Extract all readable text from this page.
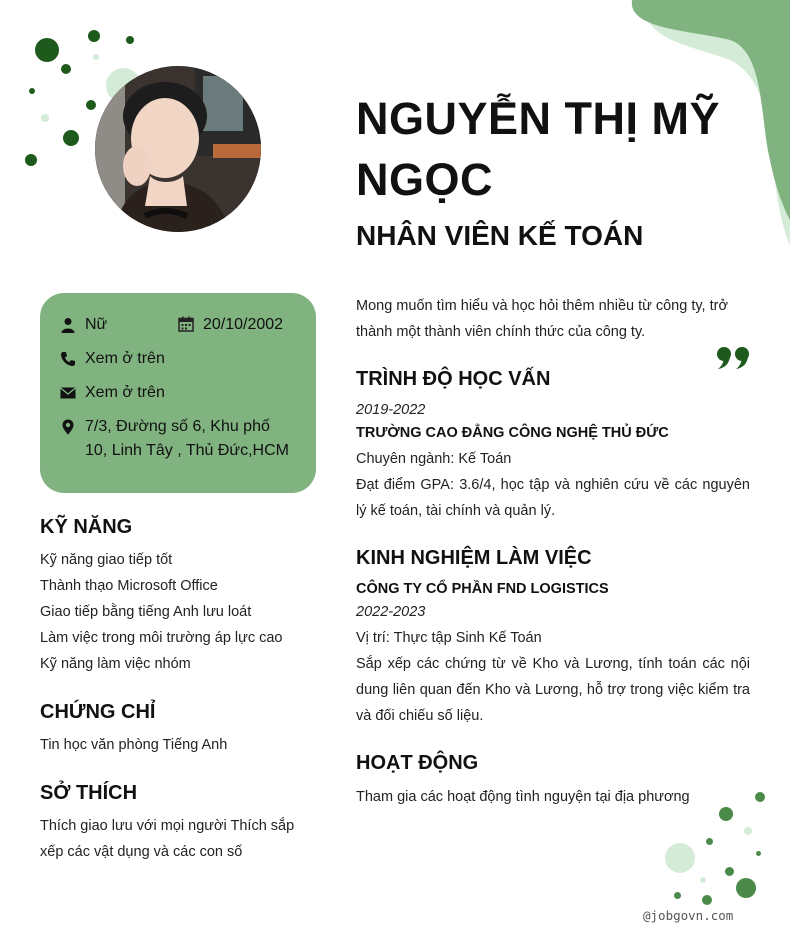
NGUYỄN THỊ MỸ NGỌC
NHÂN VIÊN KẾ TOÁN
Nữ	20/10/2002
Xem ở trên
Xem ở trên
7/3, Đường số 6, Khu phố
10, Linh Tây , Thủ Đức,HCM
KỸ NĂNG
Kỹ năng giao tiếp tốt
Thành thạo Microsoft Office
Giao tiếp bằng tiếng Anh lưu loát
Làm việc trong môi trường áp lực cao
Kỹ năng làm việc nhóm
CHỨNG CHỈ
Tin học văn phòng Tiếng Anh
SỞ THÍCH
Thích giao lưu với mọi người Thích sắp
xếp các vật dụng và các con số
Mong muốn tìm hiểu và học hỏi thêm nhiều từ công ty, trở thành một thành viên chính thức của công ty.
TRÌNH ĐỘ HỌC VẤN
2019-2022
TRƯỜNG CAO ĐẲNG CÔNG NGHỆ THỦ ĐỨC
Chuyên ngành: Kế Toán
Đạt điểm GPA: 3.6/4, học tập và nghiên cứu về các nguyên lý kế toán, tài chính và quản lý.
KINH NGHIỆM LÀM VIỆC
CÔNG TY CỔ PHẦN FND LOGISTICS
2022-2023
Vị trí: Thực tập Sinh Kế Toán
Sắp xếp các chứng từ về Kho và Lương, tính toán các nội dung liên quan đến Kho và Lương, hỗ trợ trong việc kiểm tra và đối chiếu số liệu.
HOẠT ĐỘNG
Tham gia các hoạt động tình nguyện tại địa phương
@jobgovn.com
